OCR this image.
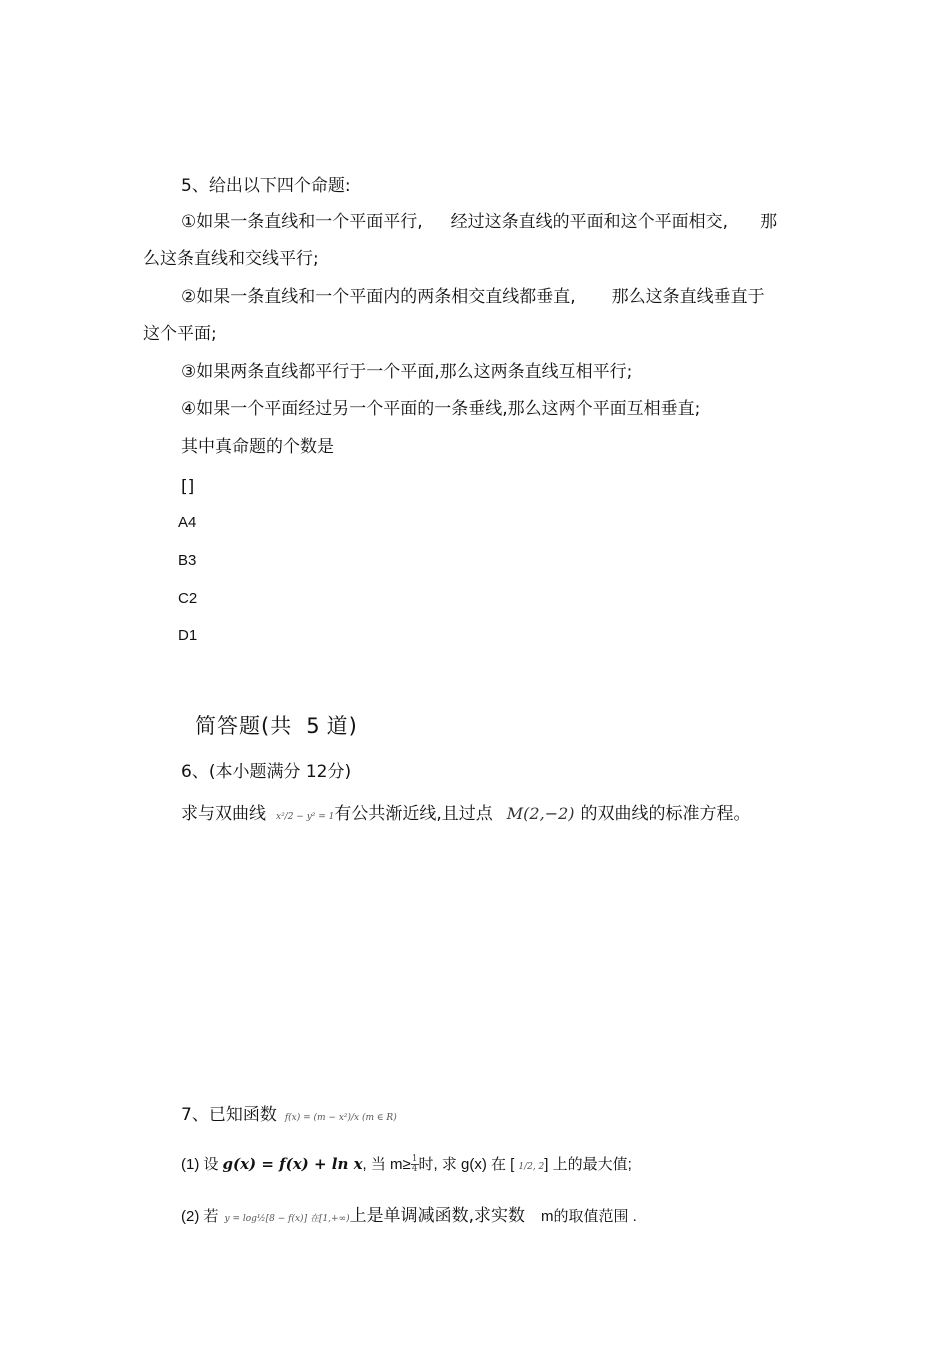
5、给出以下四个命题:
①如果一条直线和一个平面平行, 经过这条直线的平面和这个平面相交, 那
么这条直线和交线平行;
②如果一条直线和一个平面内的两条相交直线都垂直, 那么这条直线垂直于
这个平面;
③如果两条直线都平行于一个平面,那么这两条直线互相平行;
④如果一个平面经过另一个平面的一条垂线,那么这两个平面互相垂直;
其中真命题的个数是
[]
A4
B3
C2
D1
简答题(共 5 道)
6、(本小题满分 12分)
求与双曲线 x²/2 − y² = 1有公共渐近线,且过点 M(2,−2) 的双曲线的标准方程。
7、已知函数 f(x) = (m − x²)/x (m ∈ R)
(1) 设 g(x) = f(x) + ln x, 当 $m\ge \frac{1}{4}$ 时, 求 g(x) 在 [ 1/2, 2] 上的最大值;
(2) 若 y = log½[8 − f(x)] 在[1,+∞)上是单调减函数,求实数 m的取值范围 .
